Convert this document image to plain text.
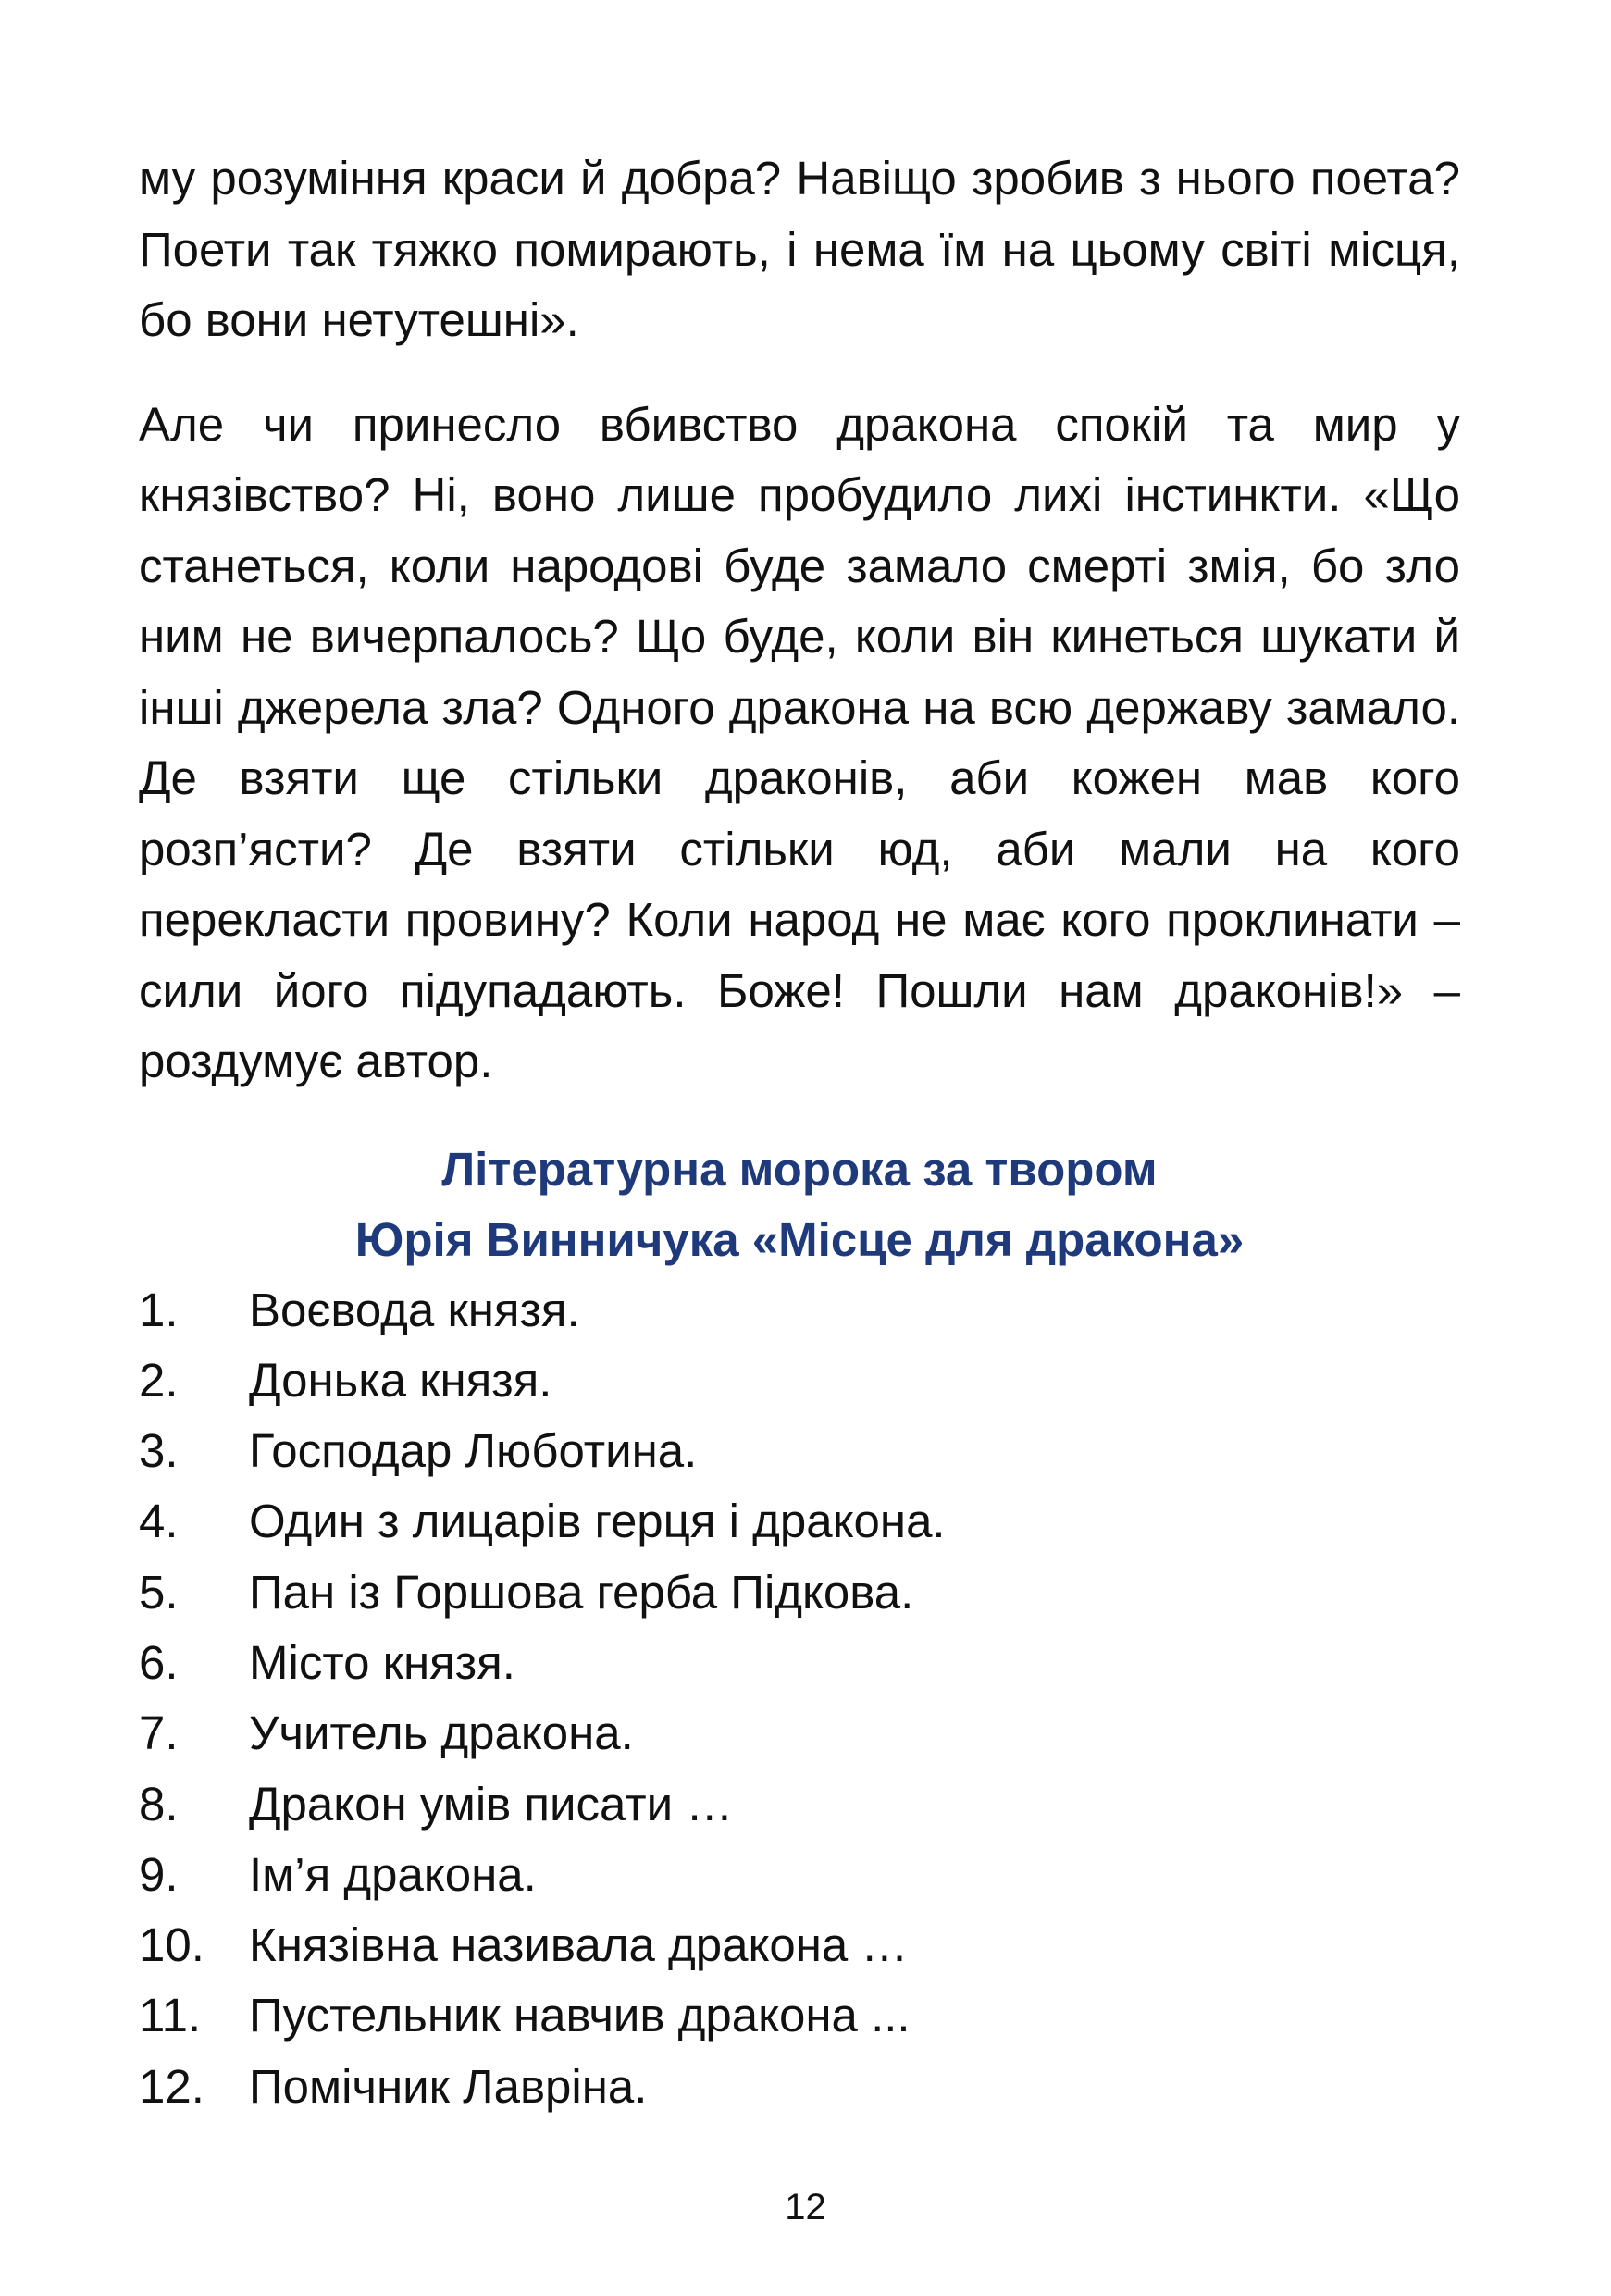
му розуміння краси й добра? Навіщо зробив з нього поета? Поети так тяжко помирають, і нема їм на цьому світі місця, бо вони нетутешні».

Але чи принесло вбивство дракона спокій та мир у князівство? Ні, воно лише пробудило лихі інстинкти. «Що станеться, коли народові буде замало смерті змія, бо зло ним не вичерпалось? Що буде, коли він кинеться шукати й інші джерела зла? Одного дракона на всю державу замало. Де взяти ще стільки драконів, аби кожен мав кого розп’ясти? Де взяти стільки юд, аби мали на кого перекласти провину? Коли народ не має кого проклинати – сили його підупадають. Боже! Пошли нам драконів!» – роздумує автор.

Літературна морока за твором
Юрія Винничука «Місце для дракона»
1.	Воєвода князя.
2.	Донька князя.
3.	Господар Люботина.
4.	Один з лицарів герця і дракона.
5.	Пан із Горшова герба Підкова.
6.	Місто князя.
7.	Учитель дракона.
8.	Дракон умів писати …
9.	Ім’я дракона.
10. Князівна називала дракона …
11.	Пустельник навчив дракона ...
12. Помічник Лавріна.
12
